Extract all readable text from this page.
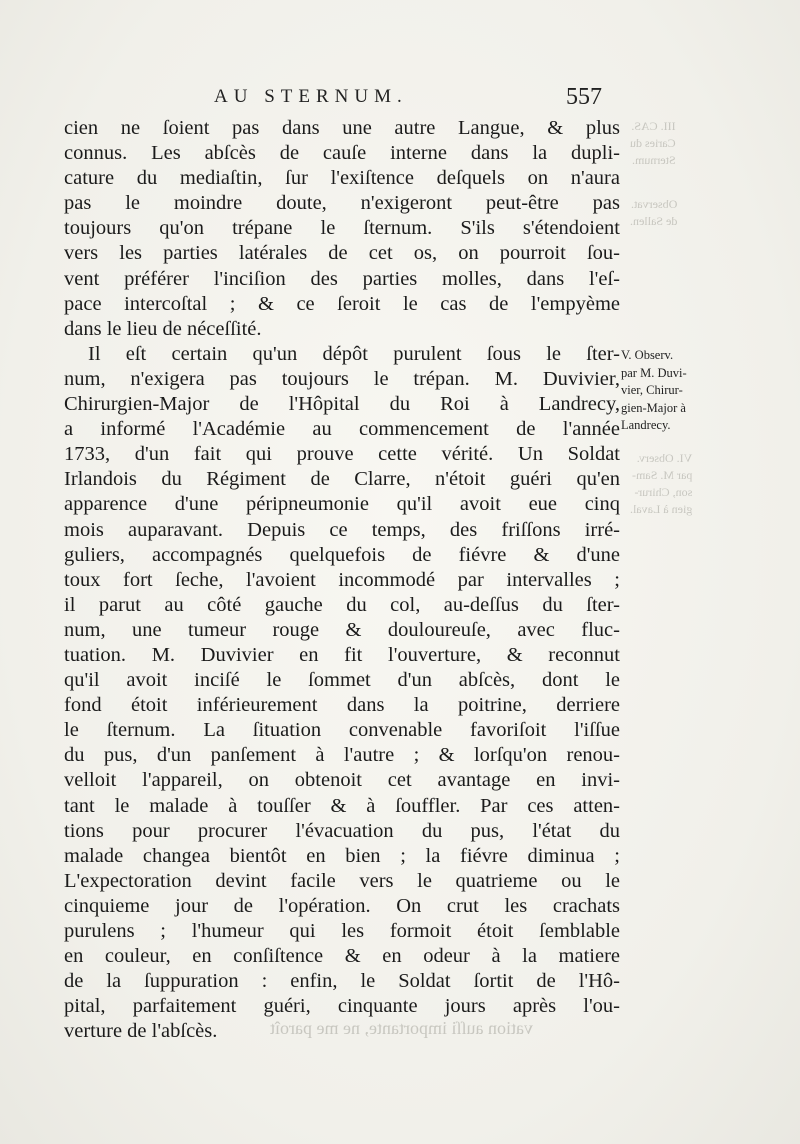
III. CAS.
Caries du
Sternum.
Observat.
de Sallen.
VI. Observ.
par M. Sam-
son, Chirur-
gien à Laval.
vation auſſi importante, ne me paroît
AU STERNUM.	557
cien ne ſoient pas dans une autre Langue, & plus
connus. Les abſcès de cauſe interne dans la dupli-
cature du mediaſtin, ſur l'exiſtence deſquels on n'aura
pas le moindre doute, n'exigeront peut-être pas
toujours qu'on trépane le ſternum. S'ils s'étendoient
vers les parties latérales de cet os, on pourroit ſou-
vent préférer l'inciſion des parties molles, dans l'eſ-
pace intercoſtal ; & ce ſeroit le cas de l'empyème
dans le lieu de néceſſité.
Il eſt certain qu'un dépôt purulent ſous le ſter-
num, n'exigera pas toujours le trépan. M. Duvivier,
Chirurgien-Major de l'Hôpital du Roi à Landrecy,
a informé l'Académie au commencement de l'année
1733, d'un fait qui prouve cette vérité. Un Soldat
Irlandois du Régiment de Clarre, n'étoit guéri qu'en
apparence d'une péripneumonie qu'il avoit eue cinq
mois auparavant. Depuis ce temps, des friſſons irré-
guliers, accompagnés quelquefois de fiévre & d'une
toux fort ſeche, l'avoient incommodé par intervalles ;
il parut au côté gauche du col, au-deſſus du ſter-
num, une tumeur rouge & douloureuſe, avec fluc-
tuation. M. Duvivier en fit l'ouverture, & reconnut
qu'il avoit inciſé le ſommet d'un abſcès, dont le
fond étoit inférieurement dans la poitrine, derriere
le ſternum. La ſituation convenable favoriſoit l'iſſue
du pus, d'un panſement à l'autre ; & lorſqu'on renou-
velloit l'appareil, on obtenoit cet avantage en invi-
tant le malade à touſſer & à ſouffler. Par ces atten-
tions pour procurer l'évacuation du pus, l'état du
malade changea bientôt en bien ; la fiévre diminua ;
L'expectoration devint facile vers le quatrieme ou le
cinquieme jour de l'opération. On crut les crachats
purulens ; l'humeur qui les formoit étoit ſemblable
en couleur, en conſiſtence & en odeur à la matiere
de la ſuppuration : enfin, le Soldat ſortit de l'Hô-
pital, parfaitement guéri, cinquante jours après l'ou-
verture de l'abſcès.
V. Observ.
par M. Duvi-
vier, Chirur-
gien-Major à
Landrecy.
